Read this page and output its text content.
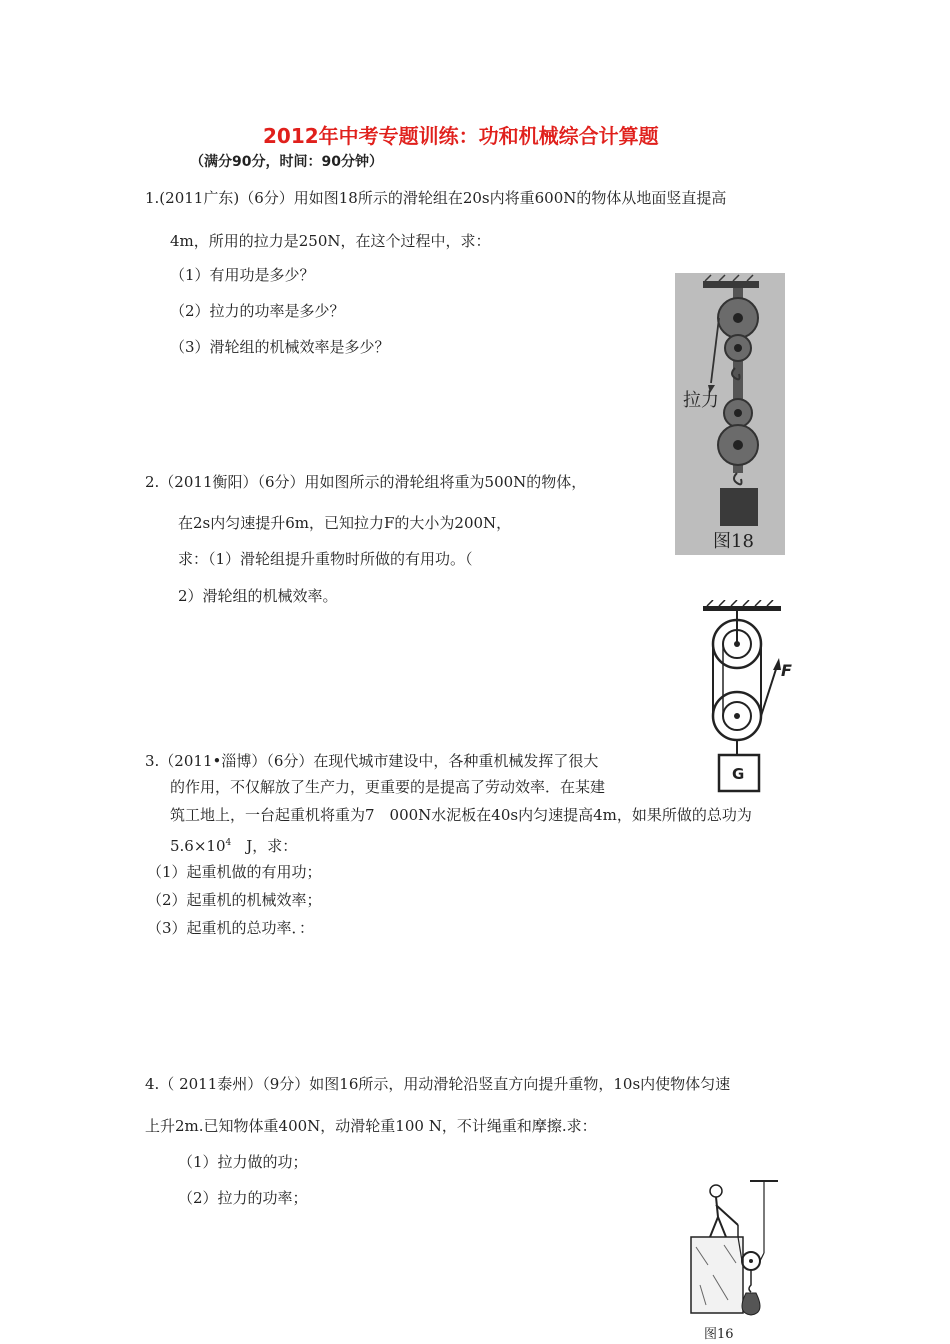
2012年中考专题训练：功和机械综合计算题
（满分90分，时间：90分钟）
1.(2011广东)（6分）用如图18所示的滑轮组在20s内将重600N的物体从地面竖直提高
4m，所用的拉力是250N，在这个过程中，求：
（1）有用功是多少？
（2）拉力的功率是多少？
（3）滑轮组的机械效率是多少？
拉力
图18
2.（2011衡阳）（6分）用如图所示的滑轮组将重为500N的物体，
在2s内匀速提升6m，已知拉力F的大小为200N，
求：（1）滑轮组提升重物时所做的有用功。（
2）滑轮组的机械效率。
F
G
3.（2011•淄博）（6分）在现代城市建设中，各种重机械发挥了很大
的作用，不仅解放了生产力，更重要的是提高了劳动效率．在某建
筑工地上，一台起重机将重为7　000N水泥板在40s内匀速提高4m，如果所做的总功为
$5.6\times 10^4$　J，求：
（1）起重机做的有用功；
（2）起重机的机械效率；
（3）起重机的总功率．：
4.（ 2011泰州）（9分）如图16所示，用动滑轮沿竖直方向提升重物，10s内使物体匀速
上升2m.已知物体重400N，动滑轮重100 N，不计绳重和摩擦.求：
（1）拉力做的功；
（2）拉力的功率；
图16
